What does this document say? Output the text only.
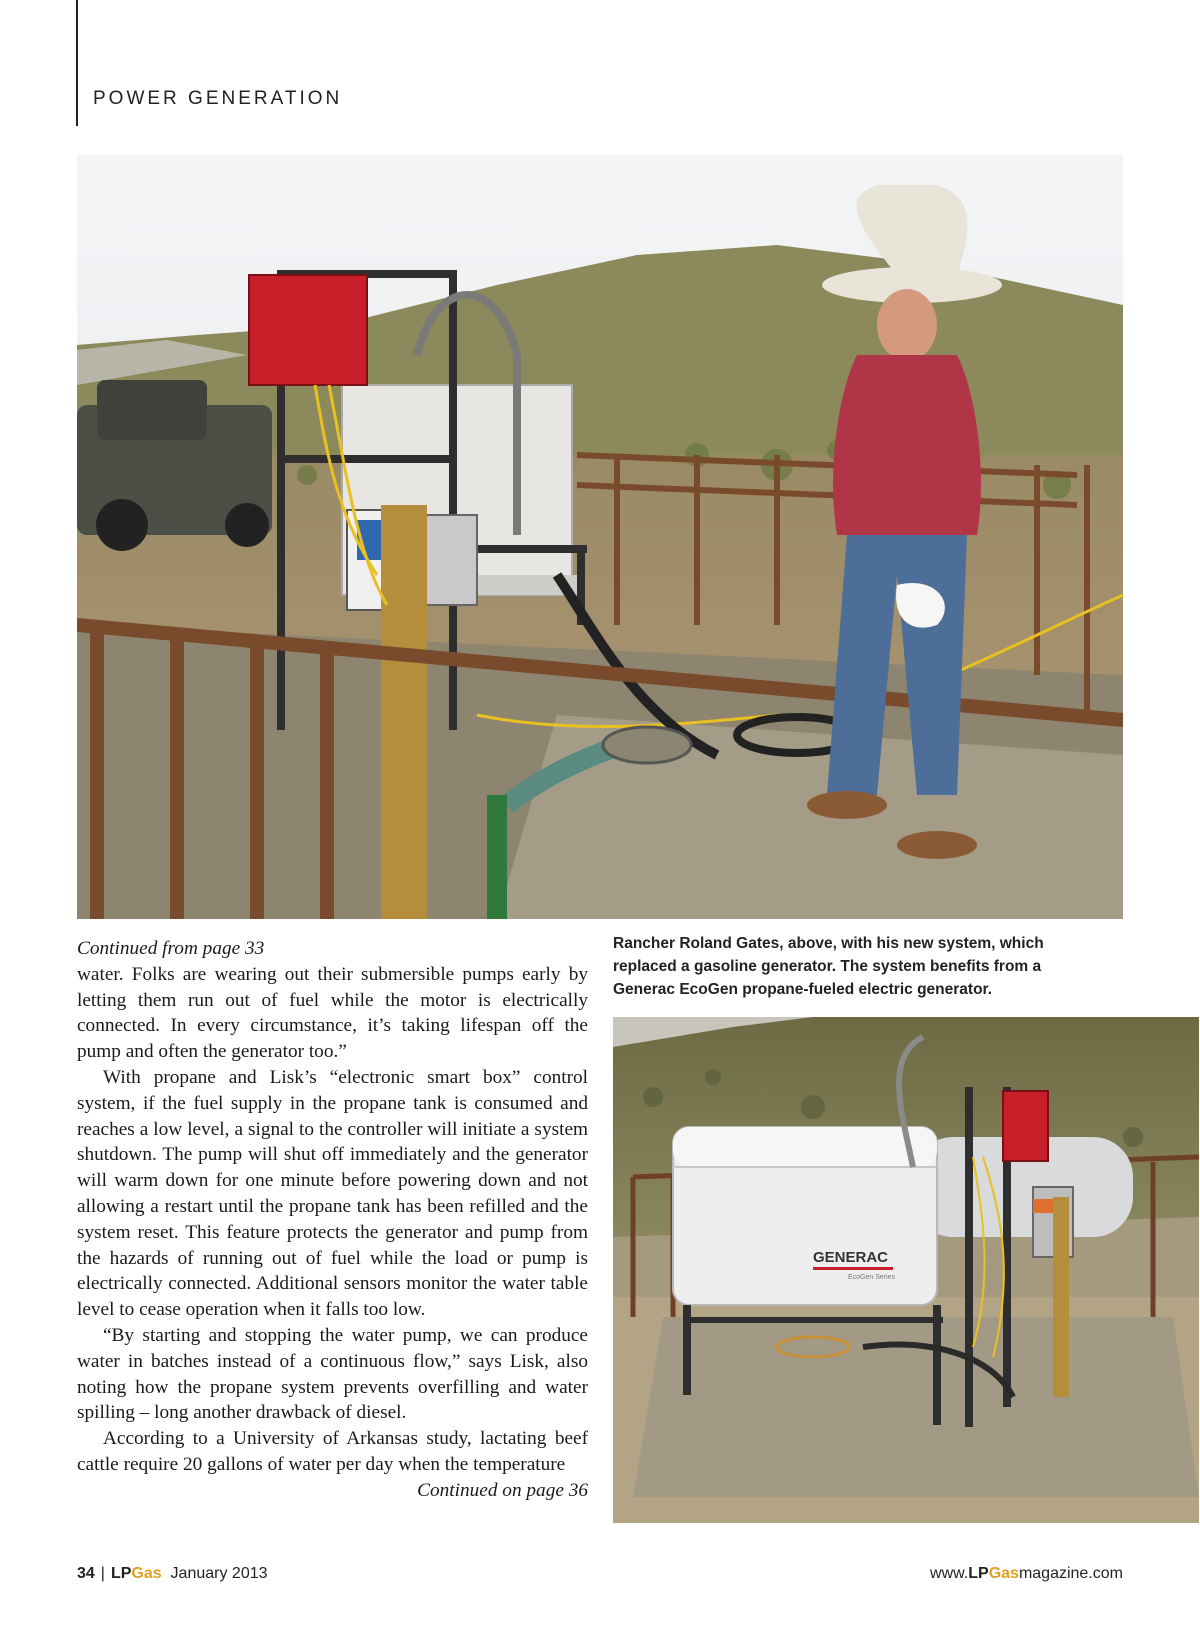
POWER GENERATION

Continued from page 33

water. Folks are wearing out their submersible pumps early by letting them run out of fuel while the motor is electrically connected. In every circumstance, it’s taking lifespan off the pump and often the generator too.”

With propane and Lisk’s “electronic smart box” control system, if the fuel supply in the propane tank is consumed and reaches a low level, a signal to the controller will initiate a system shutdown. The pump will shut off immediately and the generator will warm down for one minute before powering down and not allowing a restart until the propane tank has been refilled and the system reset. This feature protects the generator and pump from the hazards of running out of fuel while the load or pump is electrically connected. Additional sensors monitor the water table level to cease operation when it falls too low.

“By starting and stopping the water pump, we can produce water in batches instead of a continuous flow,” says Lisk, also noting how the propane system prevents overfilling and water spilling – long another drawback of diesel.

According to a University of Arkansas study, lactating beef cattle require 20 gallons of water per day when the temperature

Continued on page 36

Rancher Roland Gates, above, with his new system, which replaced a gasoline generator. The system benefits from a Generac EcoGen propane-fueled electric generator.
GENERAC
EcoGen Series
34 | LPGas January 2013	www.LPGasmagazine.com
